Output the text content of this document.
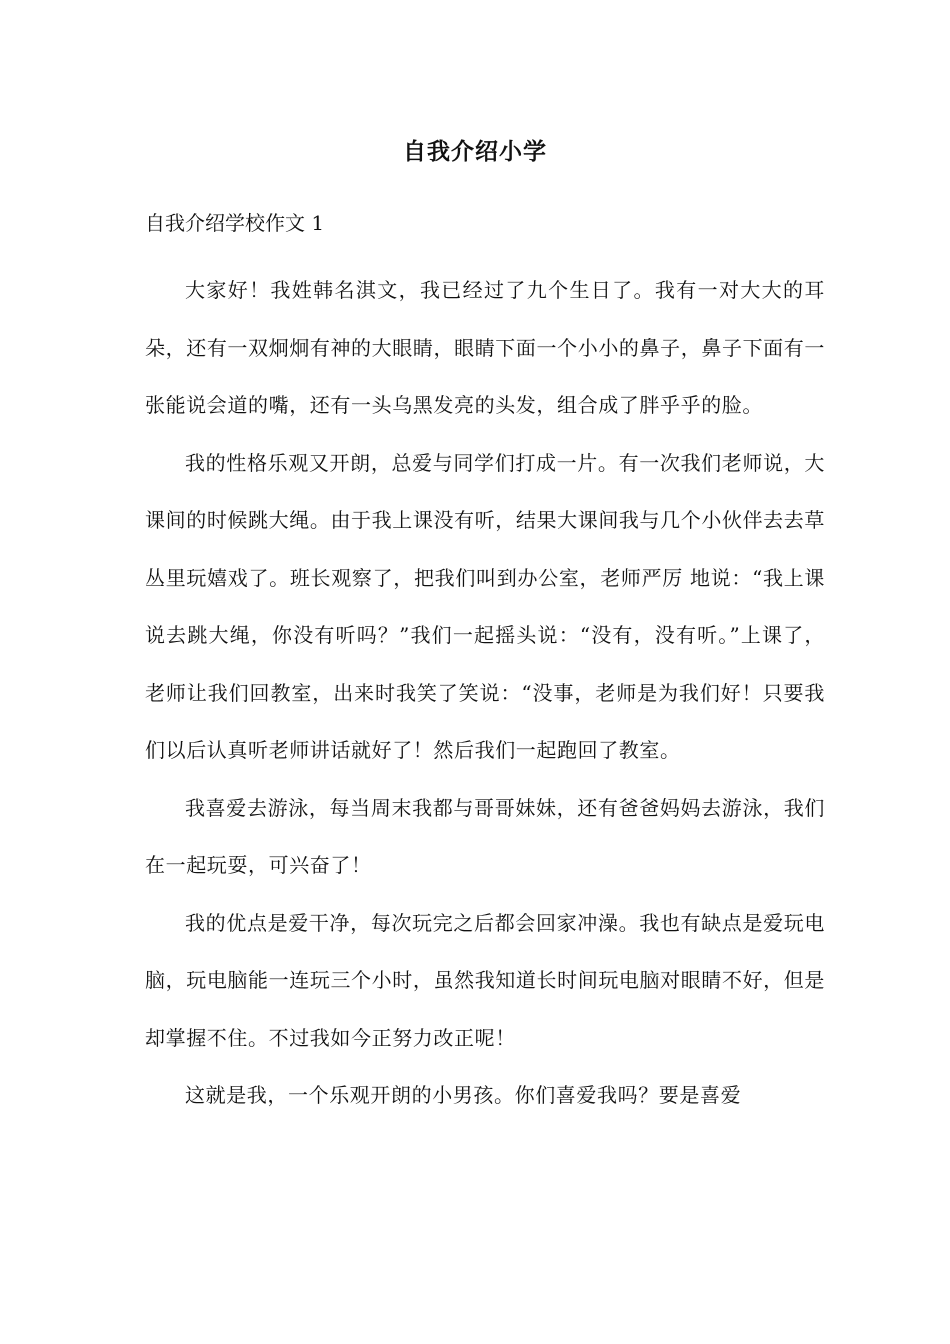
自我介绍小学

自我介绍学校作文 1

大家好！我姓韩名淇文，我已经过了九个生日了。我有一对大大的耳朵，还有一双炯炯有神的大眼睛，眼睛下面一个小小的鼻子，鼻子下面有一张能说会道的嘴，还有一头乌黑发亮的头发，组合成了胖乎乎的脸。

我的性格乐观又开朗，总爱与同学们打成一片。有一次我们老师说，大课间的时候跳大绳。由于我上课没有听，结果大课间我与几个小伙伴去去草丛里玩嬉戏了。班长观察了，把我们叫到办公室，老师严厉 地说：“我上课说去跳大绳，你没有听吗？”我们一起摇头说：“没有，没有听。”上课了，老师让我们回教室，出来时我笑了笑说：“没事，老师是为我们好！只要我们以后认真听老师讲话就好了！然后我们一起跑回了教室。

我喜爱去游泳，每当周末我都与哥哥妹妹，还有爸爸妈妈去游泳，我们在一起玩耍，可兴奋了！

我的优点是爱干净，每次玩完之后都会回家冲澡。我也有缺点是爱玩电脑，玩电脑能一连玩三个小时，虽然我知道长时间玩电脑对眼睛不好，但是却掌握不住。不过我如今正努力改正呢！

这就是我，一个乐观开朗的小男孩。你们喜爱我吗？要是喜爱
